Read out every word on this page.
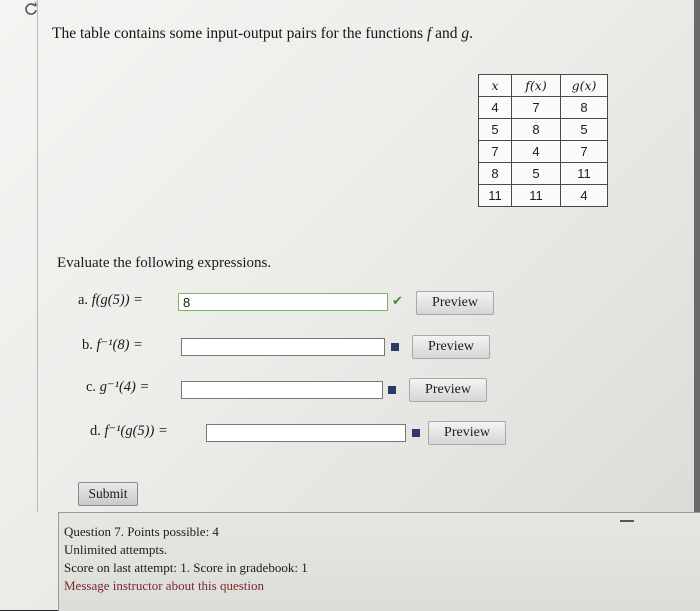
The table contains some input-output pairs for the functions f and g.
x	f(x)	g(x)
4	7	8
5	8	5
7	4	7
8	5	11
11	11	4
Evaluate the following expressions.
a. f(g(5)) =	8	✔	Preview
b. f⁻¹(8) =	Preview
c. g⁻¹(4) =	Preview
d. f⁻¹(g(5)) =	Preview
Submit
Question 7. Points possible: 4
Unlimited attempts.
Score on last attempt: 1. Score in gradebook: 1
Message instructor about this question
